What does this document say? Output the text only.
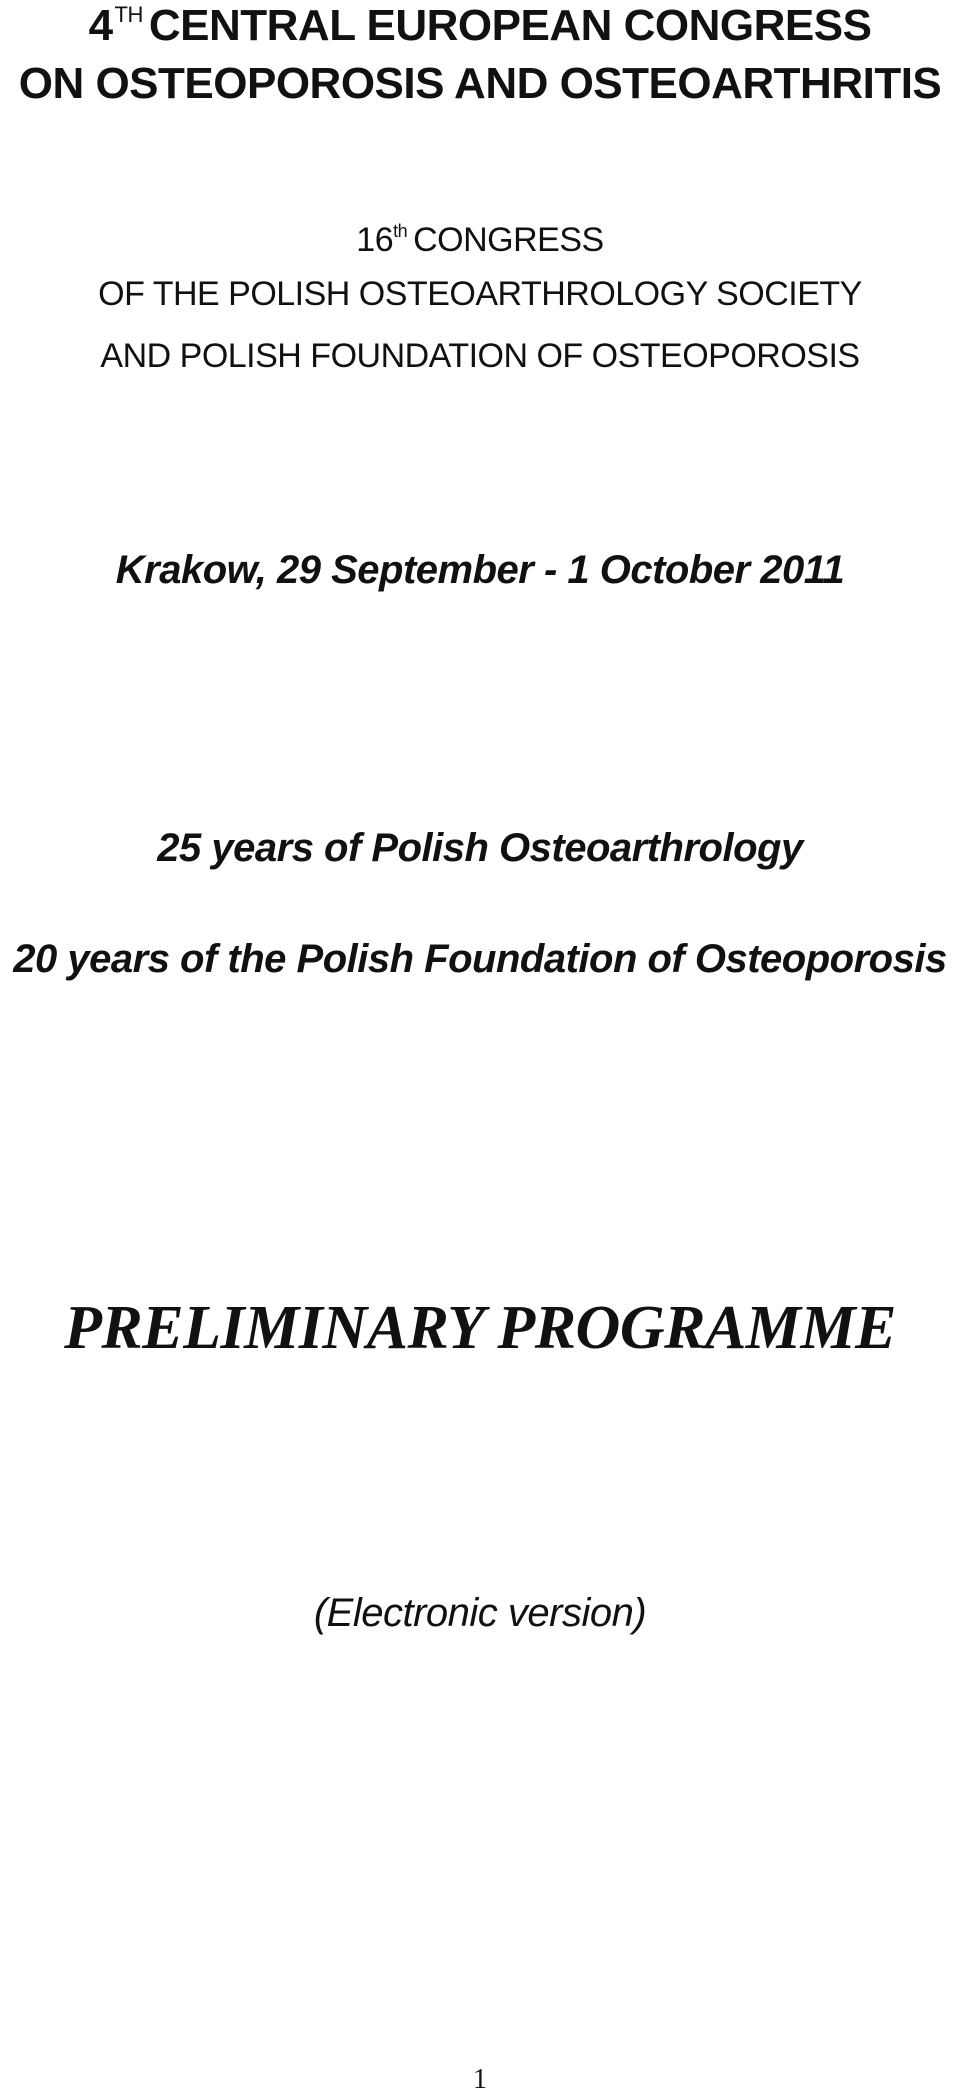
4TH CENTRAL EUROPEAN CONGRESS
ON OSTEOPOROSIS AND OSTEOARTHRITIS

16th CONGRESS

OF THE POLISH OSTEOARTHROLOGY SOCIETY

AND POLISH FOUNDATION OF OSTEOPOROSIS

Krakow, 29 September - 1 October 2011

25 years of Polish Osteoarthrology

20 years of the Polish Foundation of Osteoporosis

PRELIMINARY PROGRAMME

(Electronic version)

1
